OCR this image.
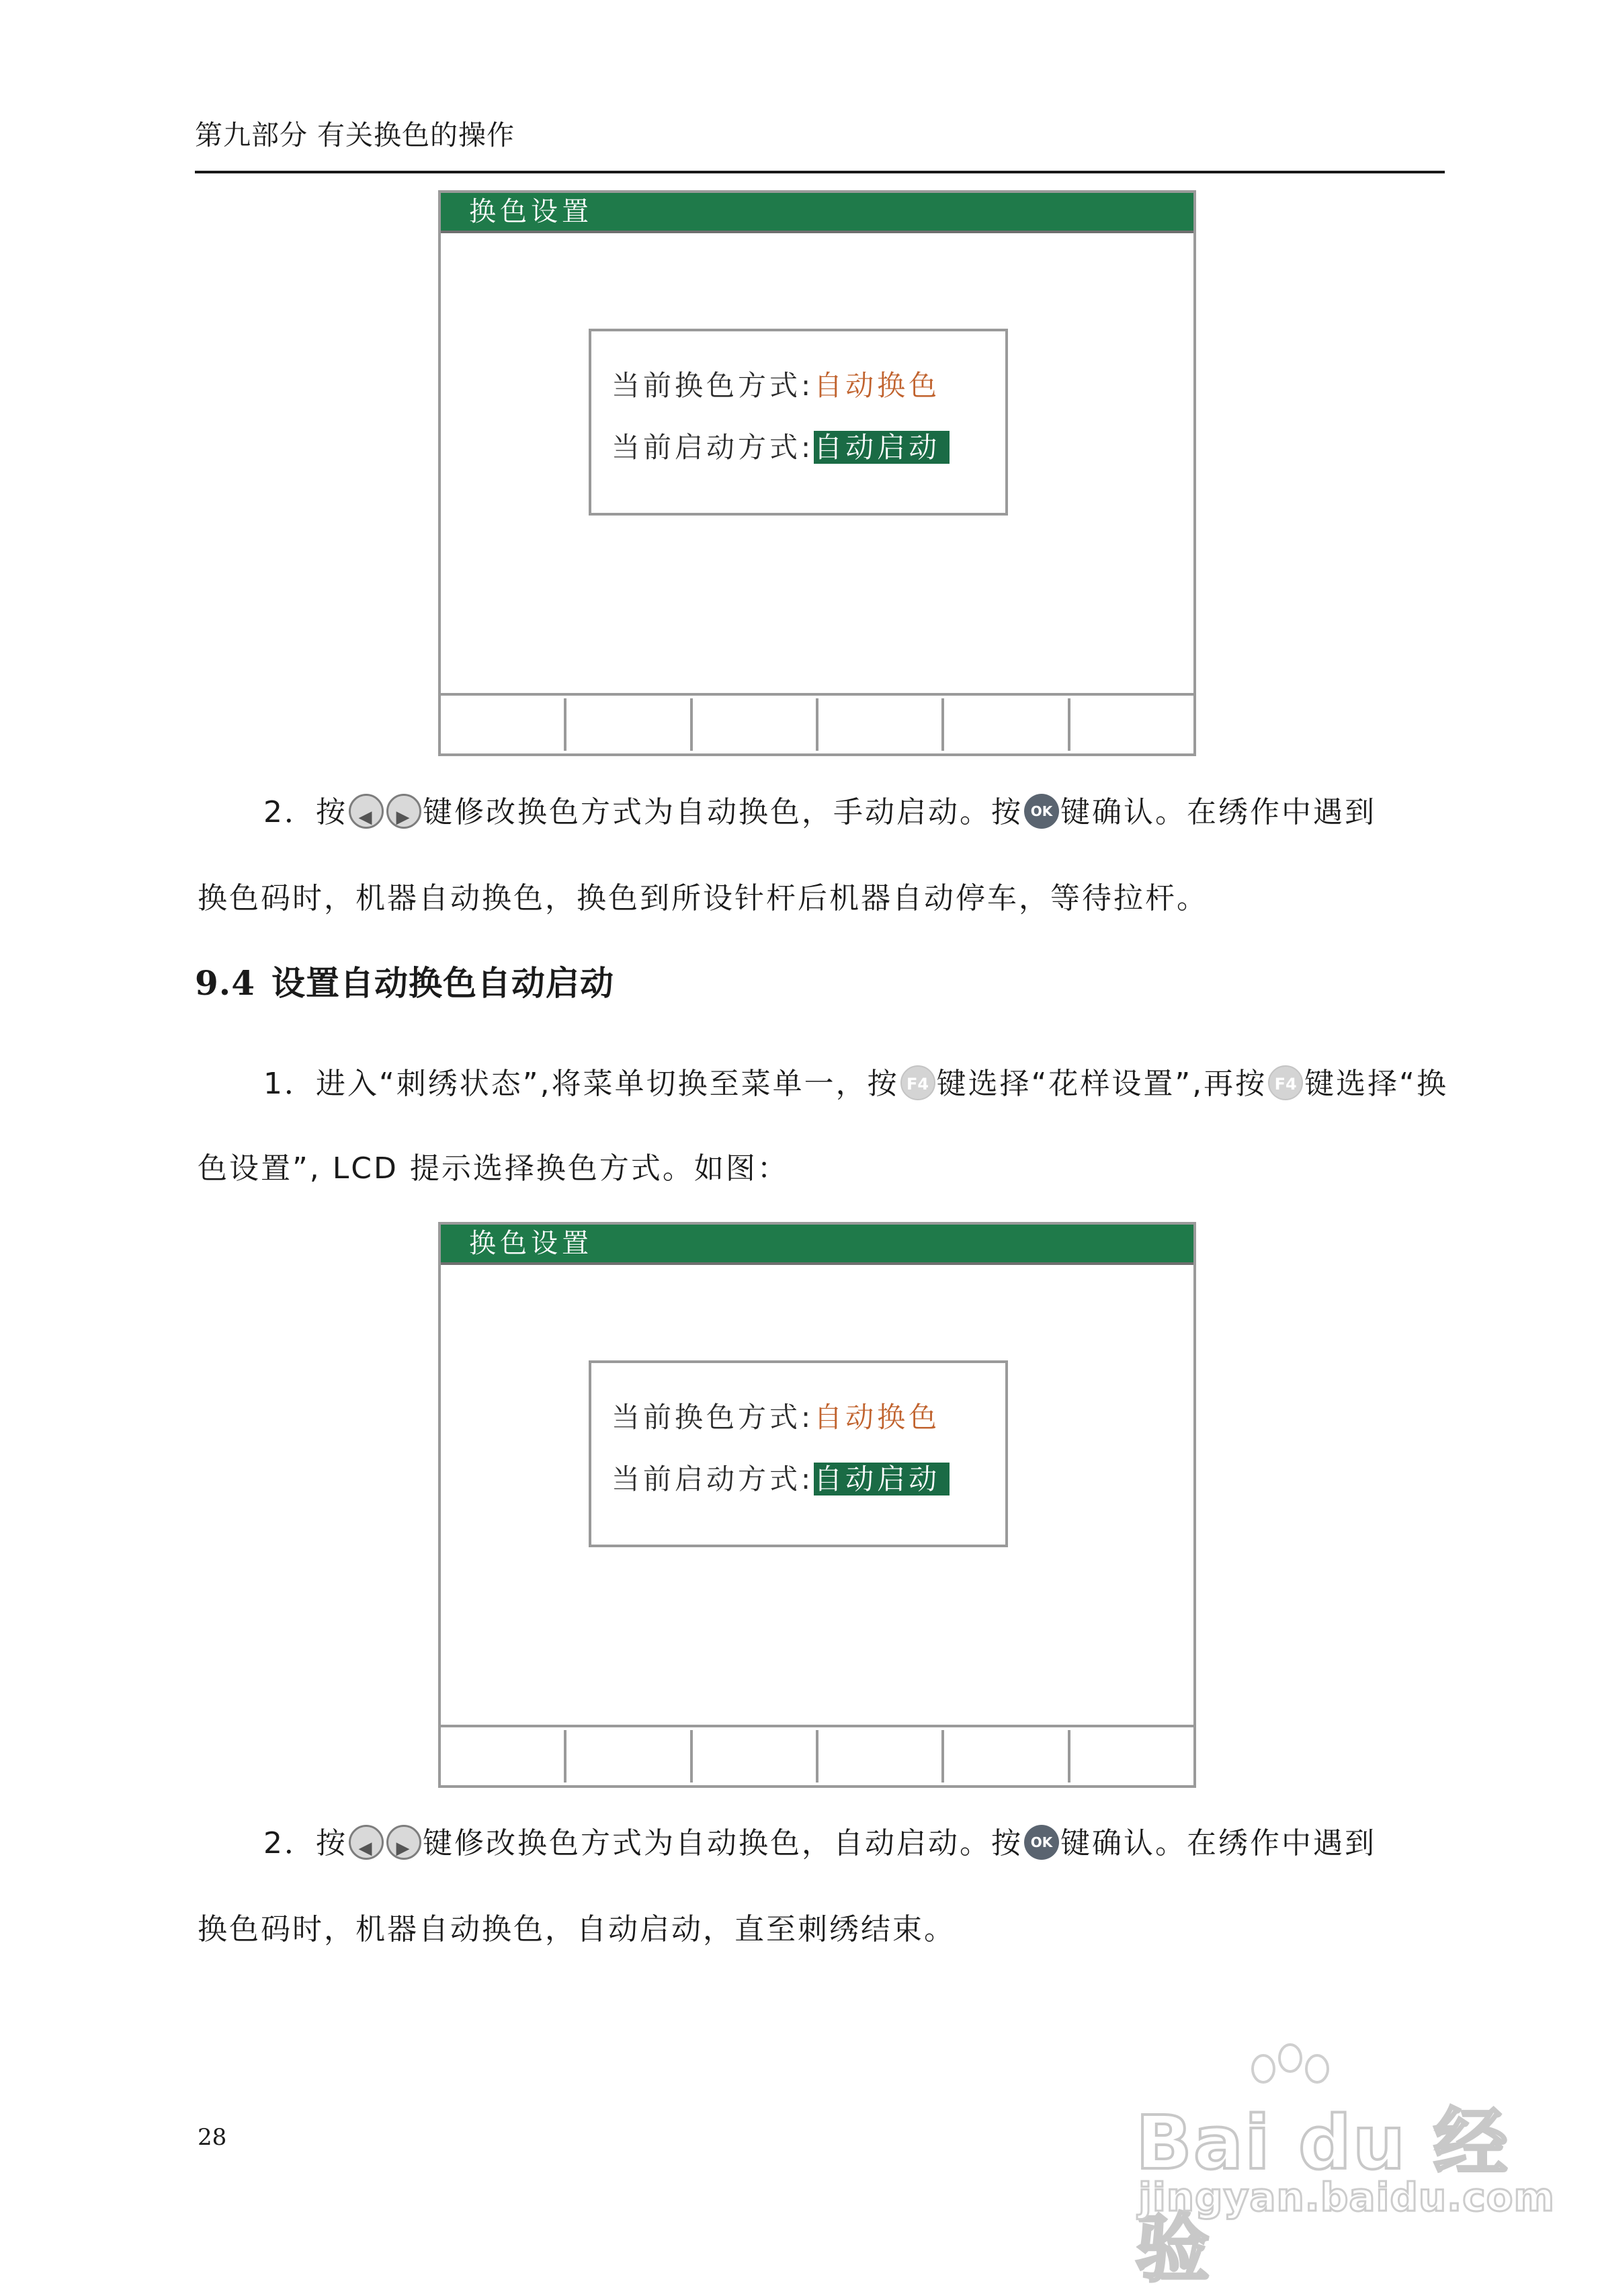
第九部分 有关换色的操作
换色设置
当前换色方式:自动换色
当前启动方式:自动启动
2．按 ◀ ▶ 键修改换色方式为自动换色，手动启动。按 OK 键确认。在绣作中遇到
换色码时，机器自动换色，换色到所设针杆后机器自动停车，等待拉杆。
9.4 设置自动换色自动启动
1．进入“刺绣状态”,将菜单切换至菜单一，按 F4 键选择“花样设置”,再按 F4 键选择“换
色设置”, LCD 提示选择换色方式。如图：
换色设置
当前换色方式:自动换色
当前启动方式:自动启动
2．按 ◀ ▶ 键修改换色方式为自动换色，自动启动。按 OK 键确认。在绣作中遇到
换色码时，机器自动换色，自动启动，直至刺绣结束。
28	Bai du 经验
jingyan.baidu.com
